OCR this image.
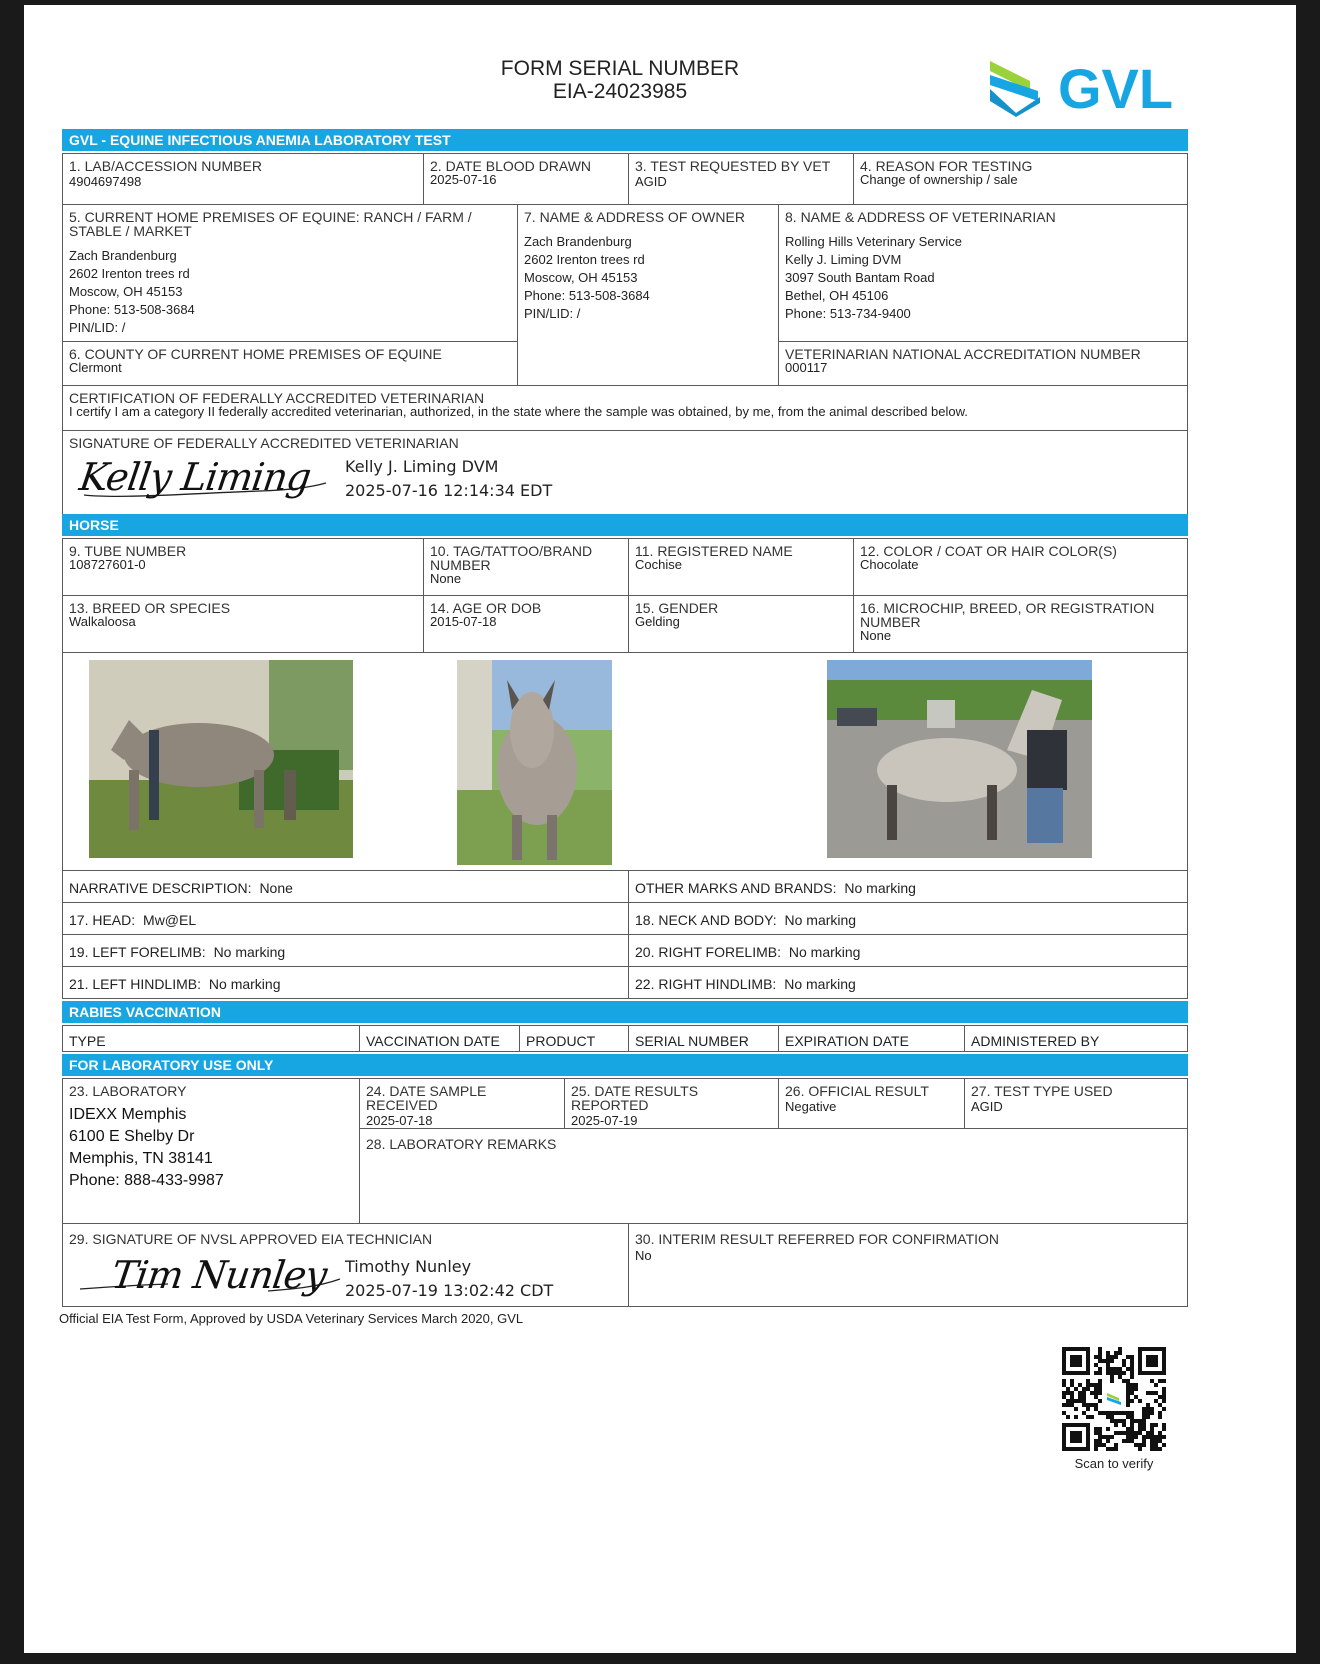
FORM SERIAL NUMBER
EIA-24023985	GVL
GVL - EQUINE INFECTIOUS ANEMIA LABORATORY TEST
1. LAB/ACCESSION NUMBER
4904697498
2. DATE BLOOD DRAWN
2025-07-16
3. TEST REQUESTED BY VET
AGID
4. REASON FOR TESTING
Change of ownership / sale
5. CURRENT HOME PREMISES OF EQUINE: RANCH / FARM / STABLE / MARKET
Zach Brandenburg
2602 Irenton trees rd
Moscow, OH 45153
Phone: 513-508-3684
PIN/LID: /
7. NAME & ADDRESS OF OWNER
Zach Brandenburg
2602 Irenton trees rd
Moscow, OH 45153
Phone: 513-508-3684
PIN/LID: /
8. NAME & ADDRESS OF VETERINARIAN
Rolling Hills Veterinary Service
Kelly J. Liming DVM
3097 South Bantam Road
Bethel, OH 45106
Phone: 513-734-9400
6. COUNTY OF CURRENT HOME PREMISES OF EQUINE
Clermont
VETERINARIAN NATIONAL ACCREDITATION NUMBER
000117
CERTIFICATION OF FEDERALLY ACCREDITED VETERINARIAN
I certify I am a category II federally accredited veterinarian, authorized, in the state where the sample was obtained, by me, from the animal described below.
SIGNATURE OF FEDERALLY ACCREDITED VETERINARIAN
Kelly Liming Kelly J. Liming DVM
2025-07-16 12:14:34 EDT
HORSE
9. TUBE NUMBER
108727601-0
10. TAG/TATTOO/BRAND NUMBER
None
11. REGISTERED NAME
Cochise
12. COLOR / COAT OR HAIR COLOR(S)
Chocolate
13. BREED OR SPECIES
Walkaloosa
14. AGE OR DOB
2015-07-18
15. GENDER
Gelding
16. MICROCHIP, BREED, OR REGISTRATION NUMBER
None
NARRATIVE DESCRIPTION: None	OTHER MARKS AND BRANDS: No marking
17. HEAD: Mw@EL	18. NECK AND BODY: No marking
19. LEFT FORELIMB: No marking	20. RIGHT FORELIMB: No marking
21. LEFT HINDLIMB: No marking	22. RIGHT HINDLIMB: No marking
RABIES VACCINATION
TYPE	VACCINATION DATE	PRODUCT	SERIAL NUMBER	EXPIRATION DATE	ADMINISTERED BY
FOR LABORATORY USE ONLY
23. LABORATORY
IDEXX Memphis
6100 E Shelby Dr
Memphis, TN 38141
Phone: 888-433-9987
24. DATE SAMPLE RECEIVED
2025-07-18
25. DATE RESULTS REPORTED
2025-07-19
26. OFFICIAL RESULT
Negative
27. TEST TYPE USED
AGID
28. LABORATORY REMARKS
29. SIGNATURE OF NVSL APPROVED EIA TECHNICIAN
Tim Nunley Timothy Nunley
2025-07-19 13:02:42 CDT
30. INTERIM RESULT REFERRED FOR CONFIRMATION
No
Official EIA Test Form, Approved by USDA Veterinary Services March 2020, GVL
Scan to verify
